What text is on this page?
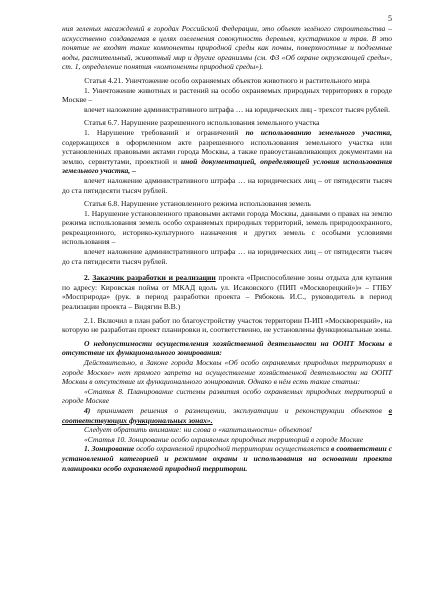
5

ния зеленых насаждений в городах Российской Федерации, это объект зелёного строительства – искусственно создаваемая в целях озеленения совокупность деревьев, кустарников и трав. В это понятие не входят такие компоненты природной среды как почвы, поверхностные и подземные воды, растительный, животный мир и другие организмы (см. ФЗ «Об охране окружающей среды», ст. 1, определение понятия «компоненты природной среды»).

Статья 4.21. Уничтожение особо охраняемых объектов животного и растительного мира

1. Уничтожение животных и растений на особо охраняемых природных территориях в городе Москве –

влечет наложение административного штрафа … на юридических лиц - трехсот тысяч рублей.

Статья 6.7. Нарушение разрешенного использования земельного участка

1. Нарушение требований и ограничений по использованию земельного участка, содержащихся в оформленном акте разрешенного использования земельного участка или установленных правовыми актами города Москвы, а также правоустанавливающих документами на землю, сервитутами, проектной и иной документацией, определяющей условия использования земельного участка, –

влечет наложение административного штрафа … на юридических лиц – от пятидесяти тысяч до ста пятидесяти тысяч рублей.

Статья 6.8. Нарушение установленного режима использования земель

1. Нарушение установленного правовыми актами города Москвы, данными о правах на землю режима использования земель особо охраняемых природных территорий, земель природоохранного, рекреационного, историко-культурного назначения и других земель с особыми условиями использования –

влечет наложение административного штрафа … на юридических лиц – от пятидесяти тысяч до ста пятидесяти тысяч рублей.

2. Заказчик разработки и реализации проекта «Приспособление зоны отдыха для купания по адресу: Кировская пойма от МКАД вдоль ул. Исаковского (ПИП «Москворецкий»)» – ГПБУ «Мосприрода» (рук. в период разработки проекта – Рябоконь И.С., руководитель в период реализации проекта – Видягин В.В.)

2.1. Включил в план работ по благоустройству участок территории П-ИП «Москворецкий», на которую не разработан проект планировки и, соответственно, не установлены функциональные зоны.

О недопустимости осуществления хозяйственной деятельности на ООПТ Москвы в отсутствие их функционального зонирования:

Действительно, в Законе города Москвы «Об особо охраняемых природных территориях в городе Москве» нет прямого запрета на осуществление хозяйственной деятельности на ООПТ Москвы в отсутствие их функционального зонирования. Однако в нём есть такие статьи:

«Статья 8. Планирование системы развития особо охраняемых природных территорий в городе Москве

4) принимает решения о размещении, эксплуатации и реконструкции объектов в соответствующих функциональных зонах».

Следует обратить внимание: ни слова о «капитальности» объектов!

«Статья 10. Зонирование особо охраняемых природных территорий в городе Москве

1. Зонирование особо охраняемой природной территории осуществляется в соответствии с установленной категорией и режимом охраны и использования на основании проекта планировки особо охраняемой природной территории.
